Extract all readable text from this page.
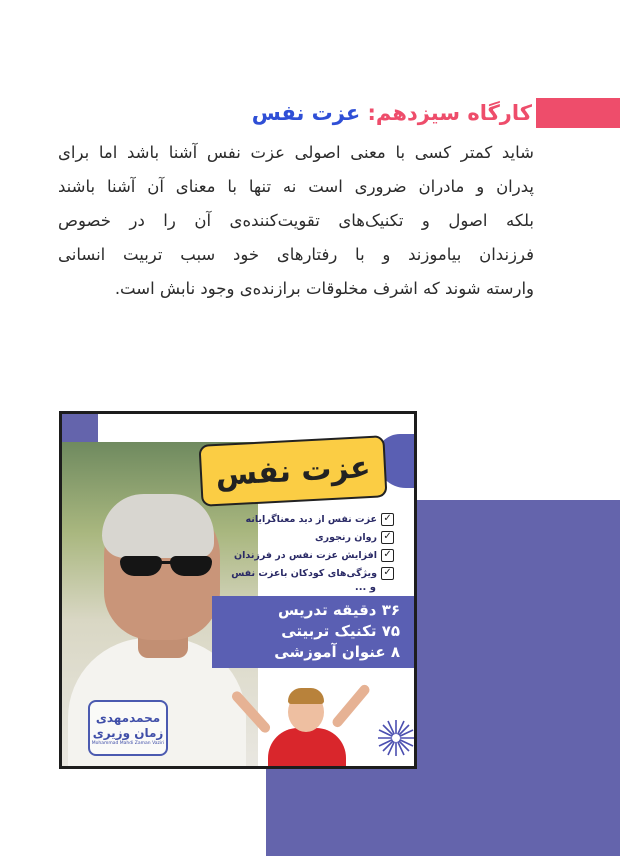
کارگاه سیزدهم: عزت نفس

شاید کمتر کسی با معنی اصولی عزت نفس آشنا باشد اما برای

پدران و مادران ضروری است نه تنها با معنای آن آشنا باشند

بلکه اصول و تکنیک‌های تقویت‌کننده‌ی آن را در خصوص

فرزندان بیاموزند و با رفتارهای خود سبب تربیت انسانی

وارسته شوند که اشرف مخلوقات برازنده‌ی وجود نابش است.

عزت نفس
✓
عزت نفس از دید معناگرایانه
✓
روان رنجوری
✓
افزایش عزت نفس در فرزندان
✓
ویژگی‌های کودکان باعزت نفس
و ...
۳۶ دقیقه تدریس
۷۵ تکنیک تربیتی
۸ عنوان آموزشی
محمدمهدی
زمان وزیری
Mohammad Mahdi Zaman Vaziri
